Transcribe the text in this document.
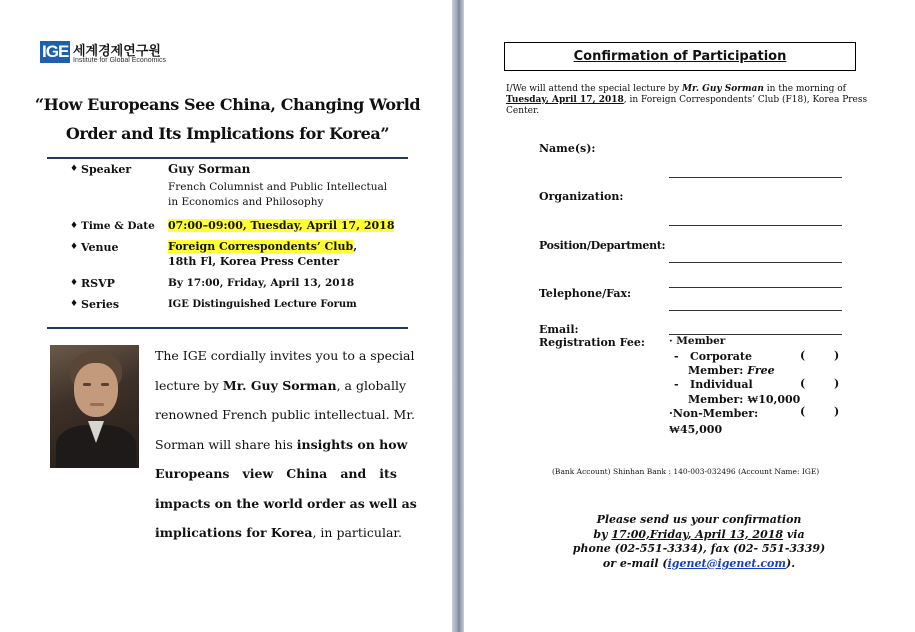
IGE 세계경제연구원
Institute for Global Economics
“How Europeans See China, Changing World
Order and Its Implications for Korea”
♦ Speaker	Guy Sorman
French Columnist and Public Intellectual
in Economics and Philosophy
♦ Time & Date 07:00–09:00, Tuesday, April 17, 2018
♦ Venue	Foreign Correspondents’ Club,
18th Fl, Korea Press Center
♦ RSVP	By 17:00, Friday, April 13, 2018
♦ Series	IGE Distinguished Lecture Forum
The IGE cordially invites you to a special
lecture by Mr. Guy Sorman, a globally
renowned French public intellectual. Mr.
Sorman will share his insights on how
Europeans   view   China   and   its
impacts on the world order as well as
implications for Korea, in particular.
Confirmation of Participation
I/We will attend the special lecture by Mr. Guy Sorman in the morning of
Tuesday, April 17, 2018, in Foreign Correspondents’ Club (F18), Korea Press
Center.
Name(s):
Organization:
Position/Department:
Telephone/Fax:
Email:
Registration Fee: · Member
-   Corporate
Member: Free
(	)
-   Individual
Member: ₩10,000
(	)
·Non-Member:
₩45,000
(	)
(Bank Account) Shinhan Bank : 140-003-032496 (Account Name: IGE)
Please send us your confirmation
by 17:00,Friday, April 13, 2018 via
phone (02-551-3334), fax (02- 551-3339)
or e-mail (igenet@igenet.com).
